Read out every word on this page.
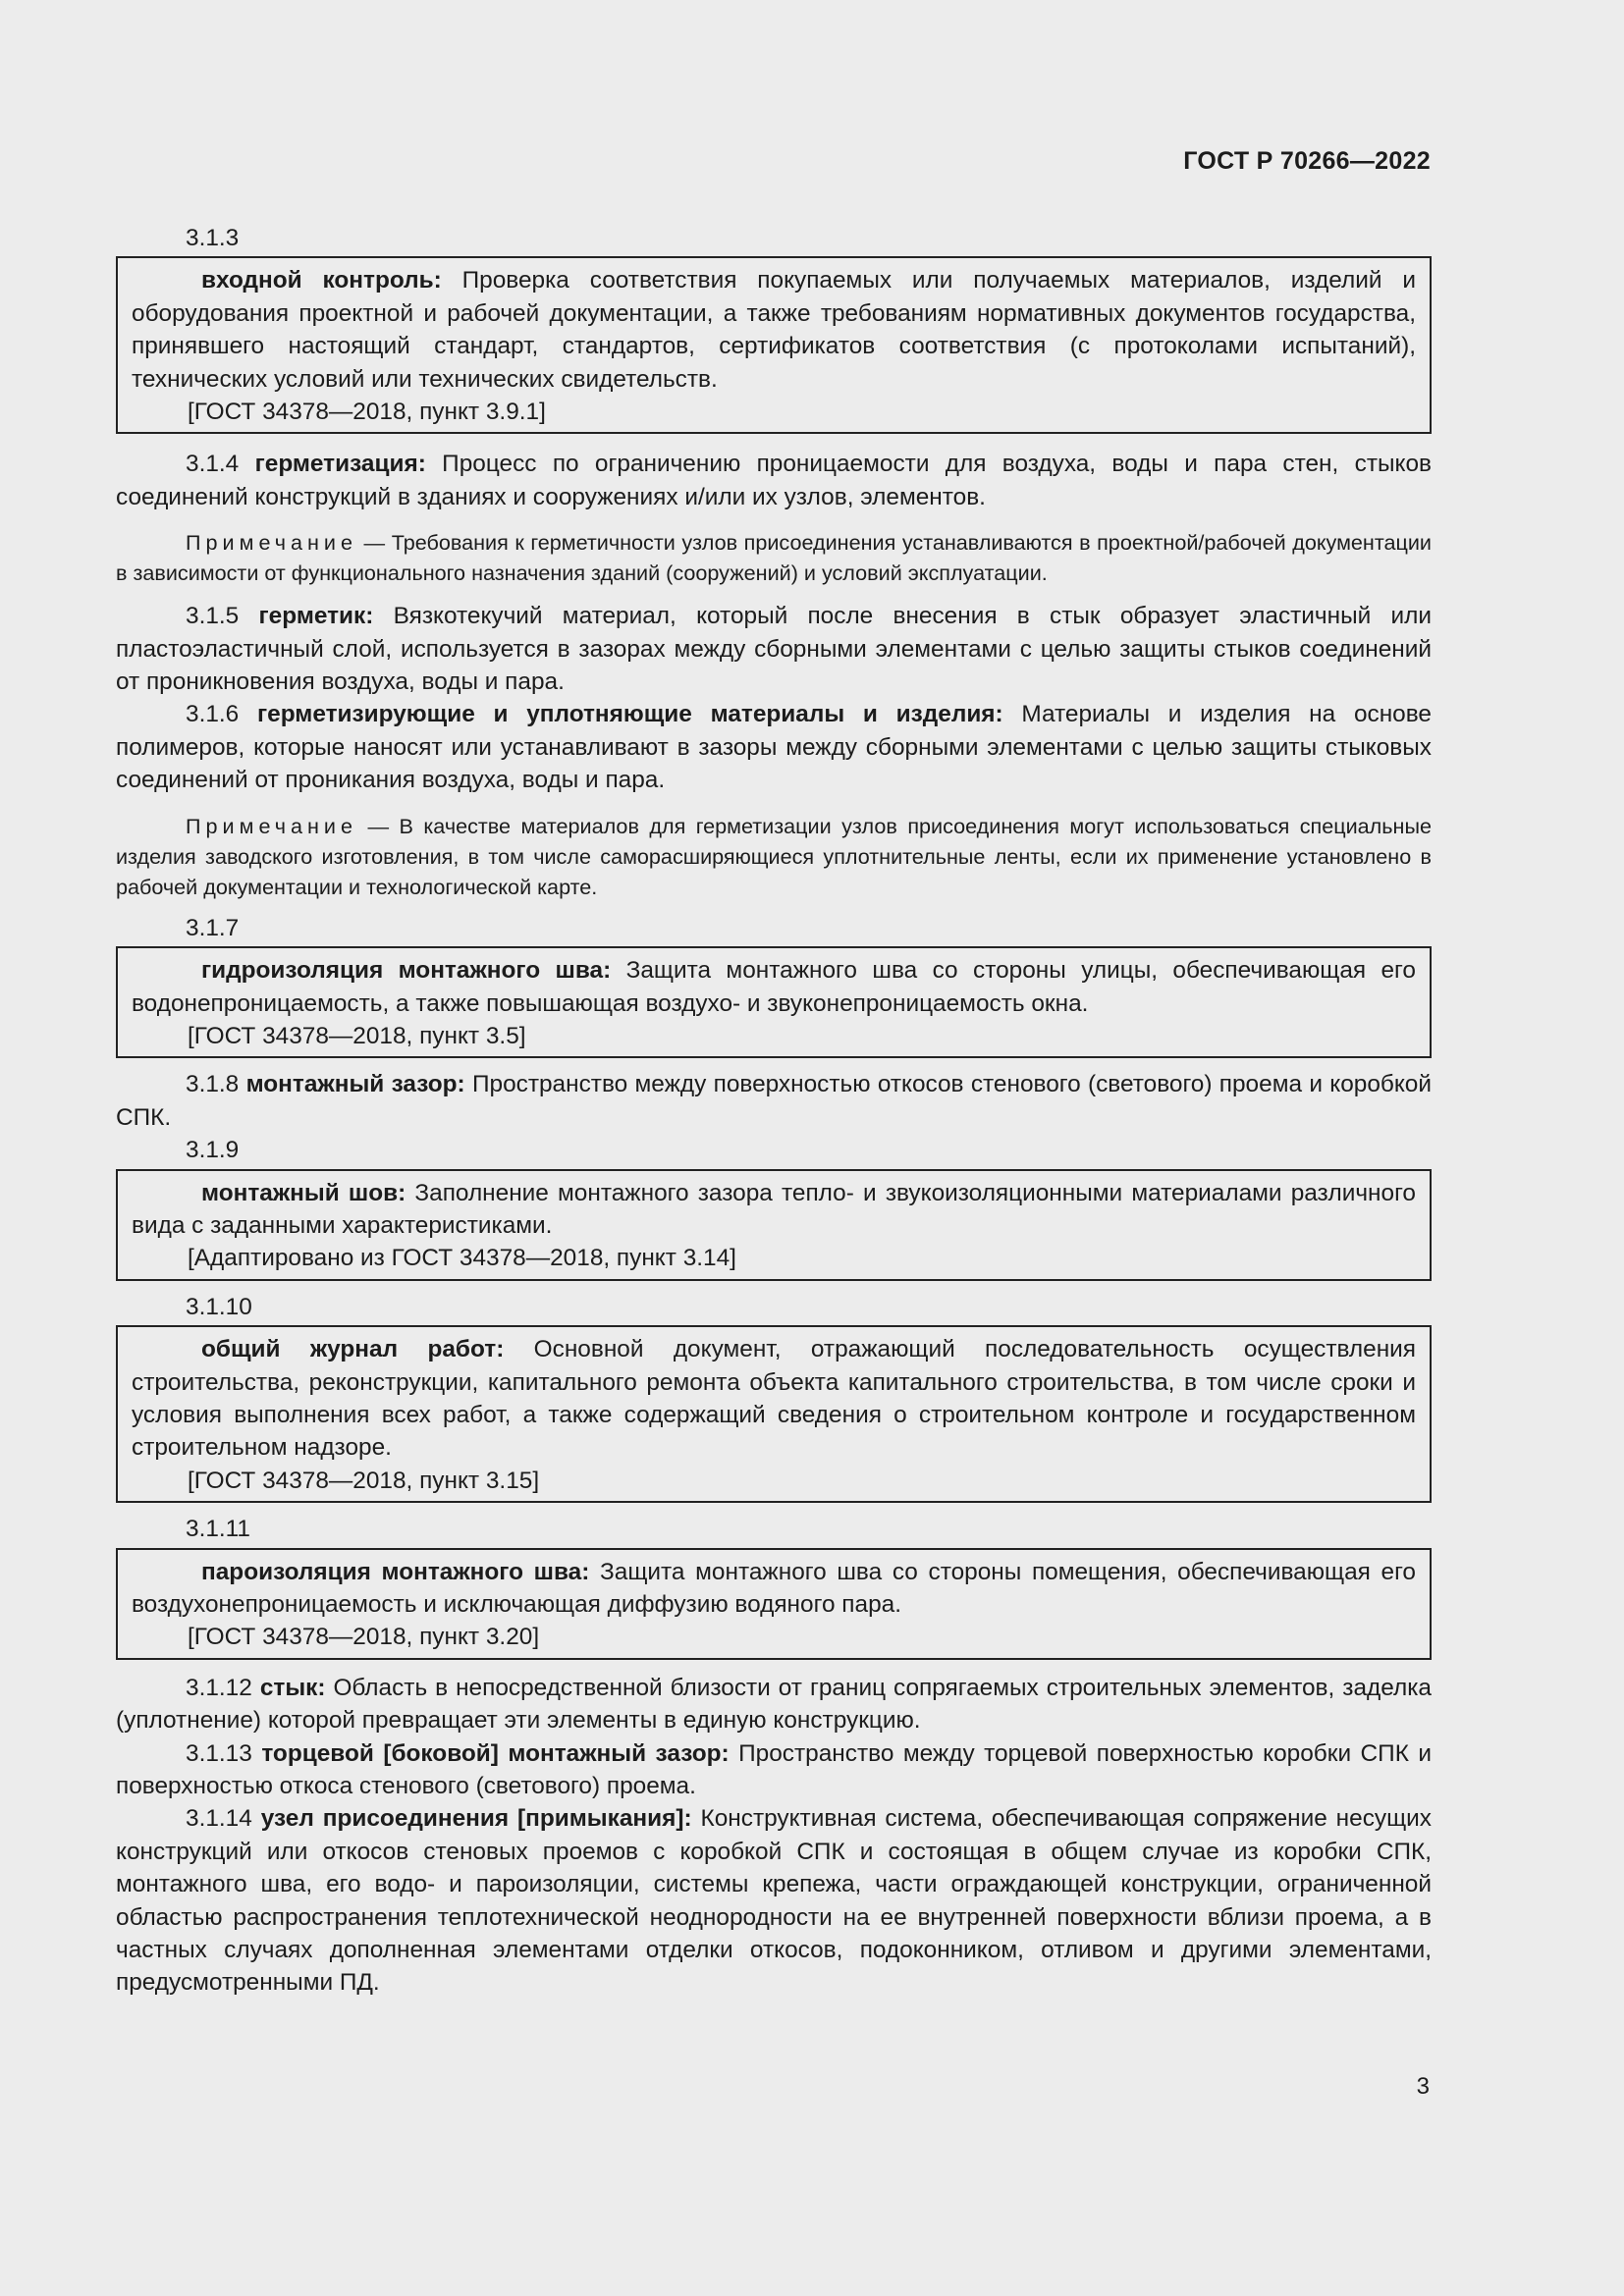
ГОСТ Р 70266—2022
3.1.3

входной контроль: Проверка соответствия покупаемых или получаемых материалов, изделий и оборудования проектной и рабочей документации, а также требованиям нормативных документов государства, принявшего настоящий стандарт, стандартов, сертификатов соответствия (с протоколами испытаний), технических условий или технических свидетельств.

[ГОСТ 34378—2018, пункт 3.9.1]

3.1.4 герметизация: Процесс по ограничению проницаемости для воздуха, воды и пара стен, стыков соединений конструкций в зданиях и сооружениях и/или их узлов, элементов.

Примечание — Требования к герметичности узлов присоединения устанавливаются в проектной/рабочей документации в зависимости от функционального назначения зданий (сооружений) и условий эксплуатации.

3.1.5 герметик: Вязкотекучий материал, который после внесения в стык образует эластичный или пластоэластичный слой, используется в зазорах между сборными элементами с целью защиты стыков соединений от проникновения воздуха, воды и пара.

3.1.6 герметизирующие и уплотняющие материалы и изделия: Материалы и изделия на основе полимеров, которые наносят или устанавливают в зазоры между сборными элементами с целью защиты стыковых соединений от проникания воздуха, воды и пара.

Примечание — В качестве материалов для герметизации узлов присоединения могут использоваться специальные изделия заводского изготовления, в том числе саморасширяющиеся уплотнительные ленты, если их применение установлено в рабочей документации и технологической карте.

3.1.7

гидроизоляция монтажного шва: Защита монтажного шва со стороны улицы, обеспечивающая его водонепроницаемость, а также повышающая воздухо- и звуконепроницаемость окна.

[ГОСТ 34378—2018, пункт 3.5]

3.1.8 монтажный зазор: Пространство между поверхностью откосов стенового (светового) проема и коробкой СПК.

3.1.9

монтажный шов: Заполнение монтажного зазора тепло- и звукоизоляционными материалами различного вида с заданными характеристиками.

[Адаптировано из ГОСТ 34378—2018, пункт 3.14]

3.1.10

общий журнал работ: Основной документ, отражающий последовательность осуществления строительства, реконструкции, капитального ремонта объекта капитального строительства, в том числе сроки и условия выполнения всех работ, а также содержащий сведения о строительном контроле и государственном строительном надзоре.

[ГОСТ 34378—2018, пункт 3.15]

3.1.11

пароизоляция монтажного шва: Защита монтажного шва со стороны помещения, обеспечивающая его воздухонепроницаемость и исключающая диффузию водяного пара.

[ГОСТ 34378—2018, пункт 3.20]

3.1.12 стык: Область в непосредственной близости от границ сопрягаемых строительных элементов, заделка (уплотнение) которой превращает эти элементы в единую конструкцию.

3.1.13 торцевой [боковой] монтажный зазор: Пространство между торцевой поверхностью коробки СПК и поверхностью откоса стенового (светового) проема.

3.1.14 узел присоединения [примыкания]: Конструктивная система, обеспечивающая сопряжение несущих конструкций или откосов стеновых проемов с коробкой СПК и состоящая в общем случае из коробки СПК, монтажного шва, его водо- и пароизоляции, системы крепежа, части ограждающей конструкции, ограниченной областью распространения теплотехнической неоднородности на ее внутренней поверхности вблизи проема, а в частных случаях дополненная элементами отделки откосов, подоконником, отливом и другими элементами, предусмотренными ПД.

3
